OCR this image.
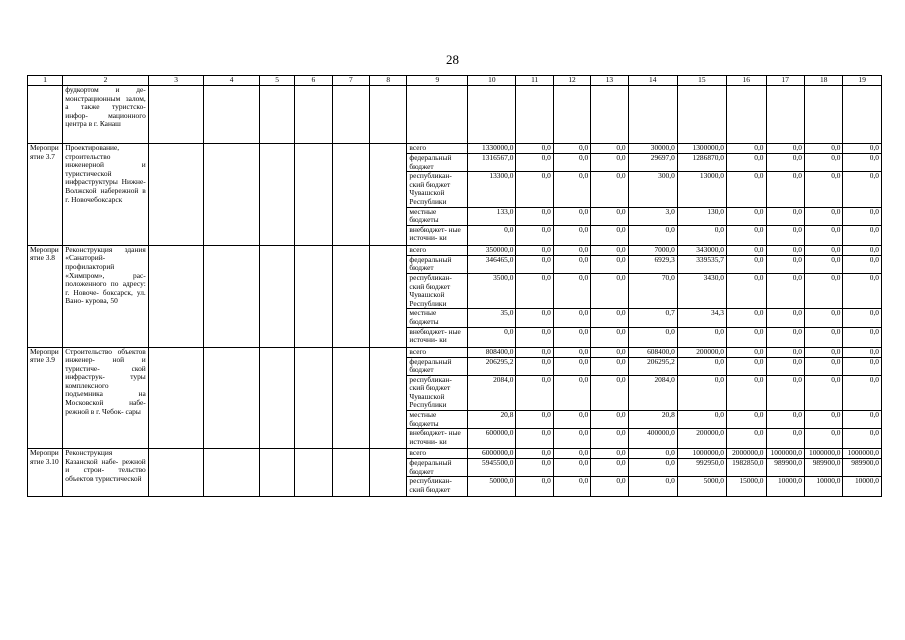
28
1	2	3	4	5	6	7	8	9	10	11	12	13	14	15	16	17	18	19
	фудкортом и де- монстрационным залом, а также туристско-инфор- мационного центра в г. Канаш																	
Мероприятие 3.7	Проектирование, строительство инженерной и туристической инфраструктуры Нижне-Волжской набережной в г. Новочебоксарск							всего	1330000,0	0,0	0,0	0,0	30000,0	1300000,0	0,0	0,0	0,0	0,0
								федеральный бюджет	1316567,0	0,0	0,0	0,0	29697,0	1286870,0	0,0	0,0	0,0	0,0
								республикан- ский бюджет Чувашской Республики	13300,0	0,0	0,0	0,0	300,0	13000,0	0,0	0,0	0,0	0,0
								местные бюджеты	133,0	0,0	0,0	0,0	3,0	130,0	0,0	0,0	0,0	0,0
								внебюджет- ные источни- ки	0,0	0,0	0,0	0,0	0,0	0,0	0,0	0,0	0,0	0,0
Мероприятие 3.8	Реконструкция здания «Санаторий-профилакторий «Химпром», рас- положенного по адресу: г. Новоче- боксарск, ул. Вано- курова, 50							всего	350000,0	0,0	0,0	0,0	7000,0	343000,0	0,0	0,0	0,0	0,0
								федеральный бюджет	346465,0	0,0	0,0	0,0	6929,3	339535,7	0,0	0,0	0,0	0,0
								республикан- ский бюджет Чувашской Республики	3500,0	0,0	0,0	0,0	70,0	3430,0	0,0	0,0	0,0	0,0
								местные бюджеты	35,0	0,0	0,0	0,0	0,7	34,3	0,0	0,0	0,0	0,0
								внебюджет- ные источни- ки	0,0	0,0	0,0	0,0	0,0	0,0	0,0	0,0	0,0	0,0
Мероприятие 3.9	Строительство объектов инженер- ной и туристиче- ской инфраструк- туры комплексного подъемника на Московской набе- режной в г. Чебок- сары							всего	808400,0	0,0	0,0	0,0	608400,0	200000,0	0,0	0,0	0,0	0,0
								федеральный бюджет	206295,2	0,0	0,0	0,0	206295,2	0,0	0,0	0,0	0,0	0,0
								республикан- ский бюджет Чувашской Республики	2084,0	0,0	0,0	0,0	2084,0	0,0	0,0	0,0	0,0	0,0
								местные бюджеты	20,8	0,0	0,0	0,0	20,8	0,0	0,0	0,0	0,0	0,0
								внебюджет- ные источни- ки	600000,0	0,0	0,0	0,0	400000,0	200000,0	0,0	0,0	0,0	0,0
Мероприятие 3.10	Реконструкция Казанской набе- режной и строи- тельство объектов туристической							всего	6000000,0	0,0	0,0	0,0	0,0	1000000,0	2000000,0	1000000,0	1000000,0	1000000,0
								федеральный бюджет	5945500,0	0,0	0,0	0,0	0,0	992950,0	1982850,0	989900,0	989900,0	989900,0
								республикан- ский бюджет	50000,0	0,0	0,0	0,0	0,0	5000,0	15000,0	10000,0	10000,0	10000,0
